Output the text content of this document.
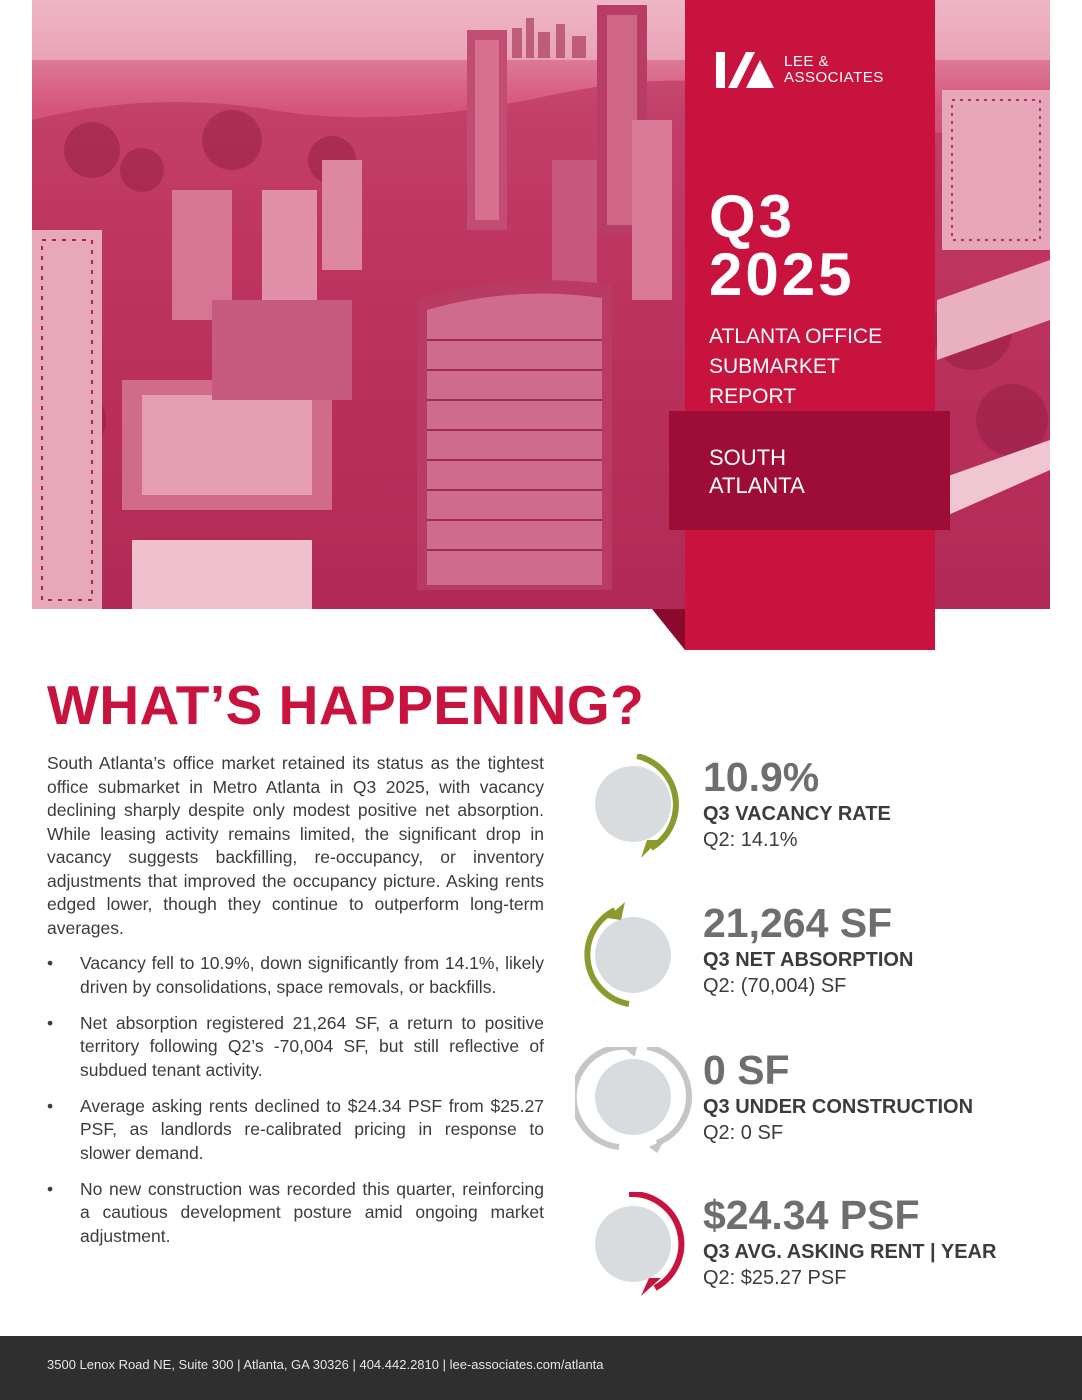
LEE &
ASSOCIATES
Q3
2025
ATLANTA OFFICE
SUBMARKET REPORT
SOUTH
ATLANTA
WHAT’S HAPPENING?

South Atlanta’s office market retained its status as the tightest office submarket in Metro Atlanta in Q3 2025, with vacancy declining sharply despite only modest positive net absorption. While leasing activity remains limited, the significant drop in vacancy suggests backfilling, re-occupancy, or inventory adjustments that improved the occupancy picture. Asking rents edged lower, though they continue to outperform long-term averages.

• Vacancy fell to 10.9%, down significantly from 14.1%, likely driven by consolidations, space removals, or backfills.
• Net absorption registered 21,264 SF, a return to positive territory following Q2’s -70,004 SF, but still reflective of subdued tenant activity.
• Average asking rents declined to $24.34 PSF from $25.27 PSF, as landlords re-calibrated pricing in response to slower demand.
• No new construction was recorded this quarter, reinforcing a cautious development posture amid ongoing market adjustment.
10.9%
Q3 VACANCY RATE
Q2: 14.1%
21,264 SF
Q3 NET ABSORPTION
Q2: (70,004) SF
0 SF
Q3 UNDER CONSTRUCTION
Q2: 0 SF
$24.34 PSF
Q3 AVG. ASKING RENT | YEAR
Q2: $25.27 PSF
3500 Lenox Road NE, Suite 300 | Atlanta, GA 30326 | 404.442.2810 | lee-associates.com/atlanta
